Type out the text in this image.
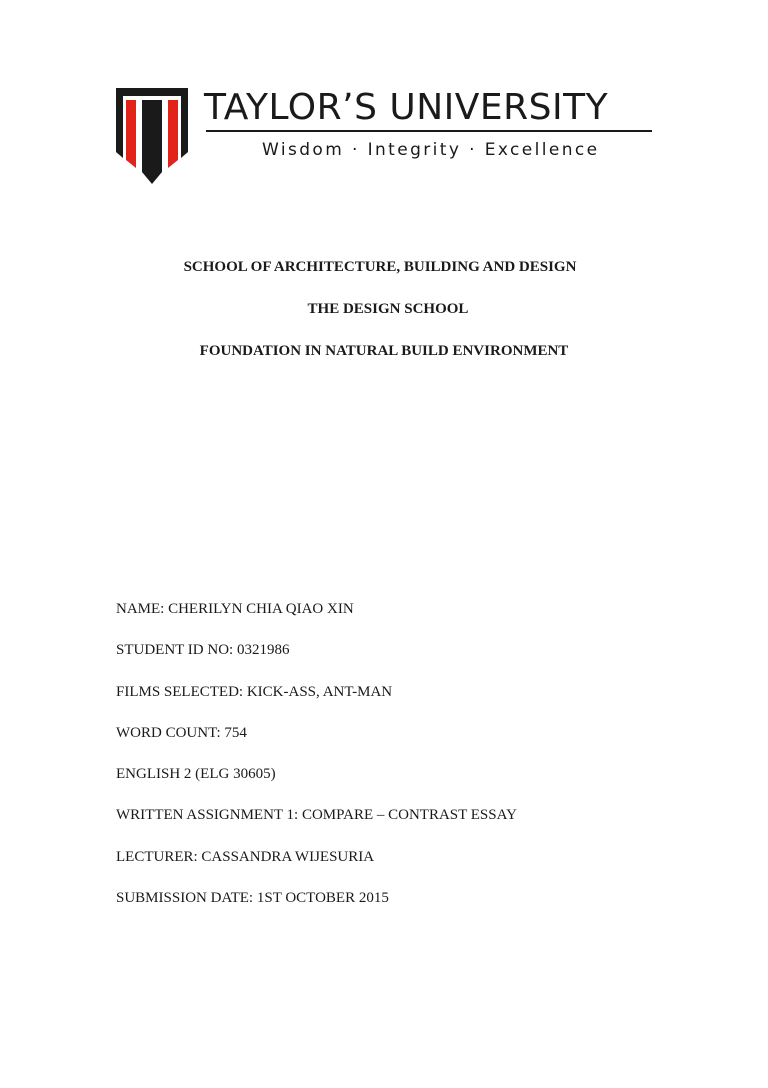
TAYLOR’S UNIVERSITY
Wisdom · Integrity · Excellence
SCHOOL OF ARCHITECTURE, BUILDING AND DESIGN
THE DESIGN SCHOOL
FOUNDATION IN NATURAL BUILD ENVIRONMENT
NAME: CHERILYN CHIA QIAO XIN
STUDENT ID NO: 0321986
FILMS SELECTED: KICK-ASS, ANT-MAN
WORD COUNT: 754
ENGLISH 2 (ELG 30605)
WRITTEN ASSIGNMENT 1: COMPARE – CONTRAST ESSAY
LECTURER: CASSANDRA WIJESURIA
SUBMISSION DATE: 1ST OCTOBER 2015
